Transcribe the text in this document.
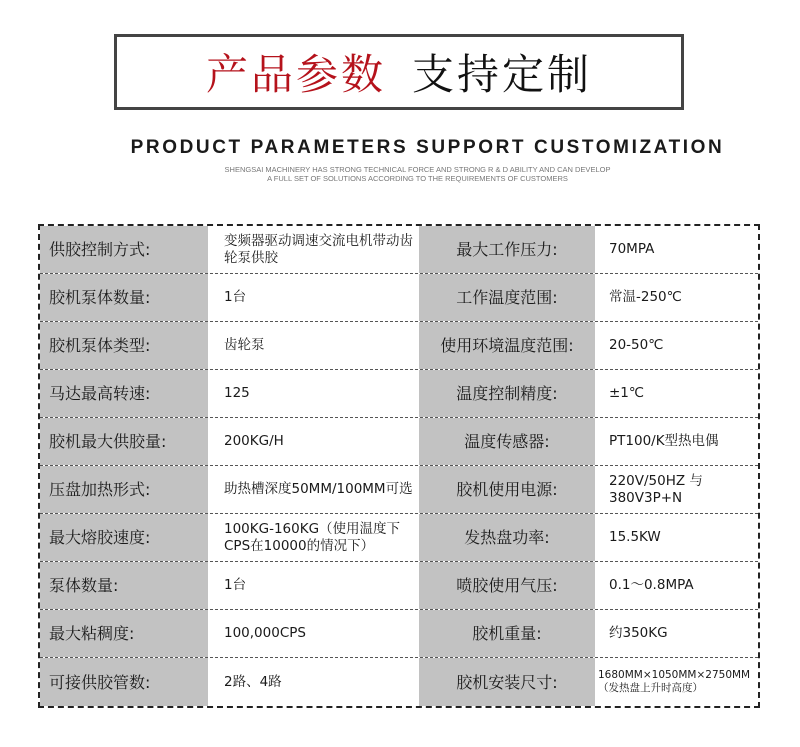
产品参数 支持定制
PRODUCT PARAMETERS SUPPORT CUSTOMIZATION
SHENGSAI MACHINERY HAS STRONG TECHNICAL FORCE AND STRONG R & D ABILITY AND CAN DEVELOP
A FULL SET OF SOLUTIONS ACCORDING TO THE REQUIREMENTS OF CUSTOMERS
供胶控制方式:	变频器驱动调速交流电机带动齿轮泵供胶	最大工作压力:	70MPA
胶机泵体数量:	1台	工作温度范围:	常温-250℃
胶机泵体类型:	齿轮泵	使用环境温度范围:	20-50℃
马达最高转速:	125	温度控制精度:	±1℃
胶机最大供胶量:	200KG/H	温度传感器:	PT100/K型热电偶
压盘加热形式:	助热槽深度50MM/100MM可选	胶机使用电源:	220V/50HZ 与380V3P+N
最大熔胶速度:	100KG-160KG（使用温度下CPS在10000的情况下）	发热盘功率:	15.5KW
泵体数量:	1台	喷胶使用气压:	0.1～0.8MPA
最大粘稠度:	100,000CPS	胶机重量:	约350KG
可接供胶管数:	2路、4路	胶机安装尺寸:	1680MM×1050MM×2750MM（发热盘上升时高度）
